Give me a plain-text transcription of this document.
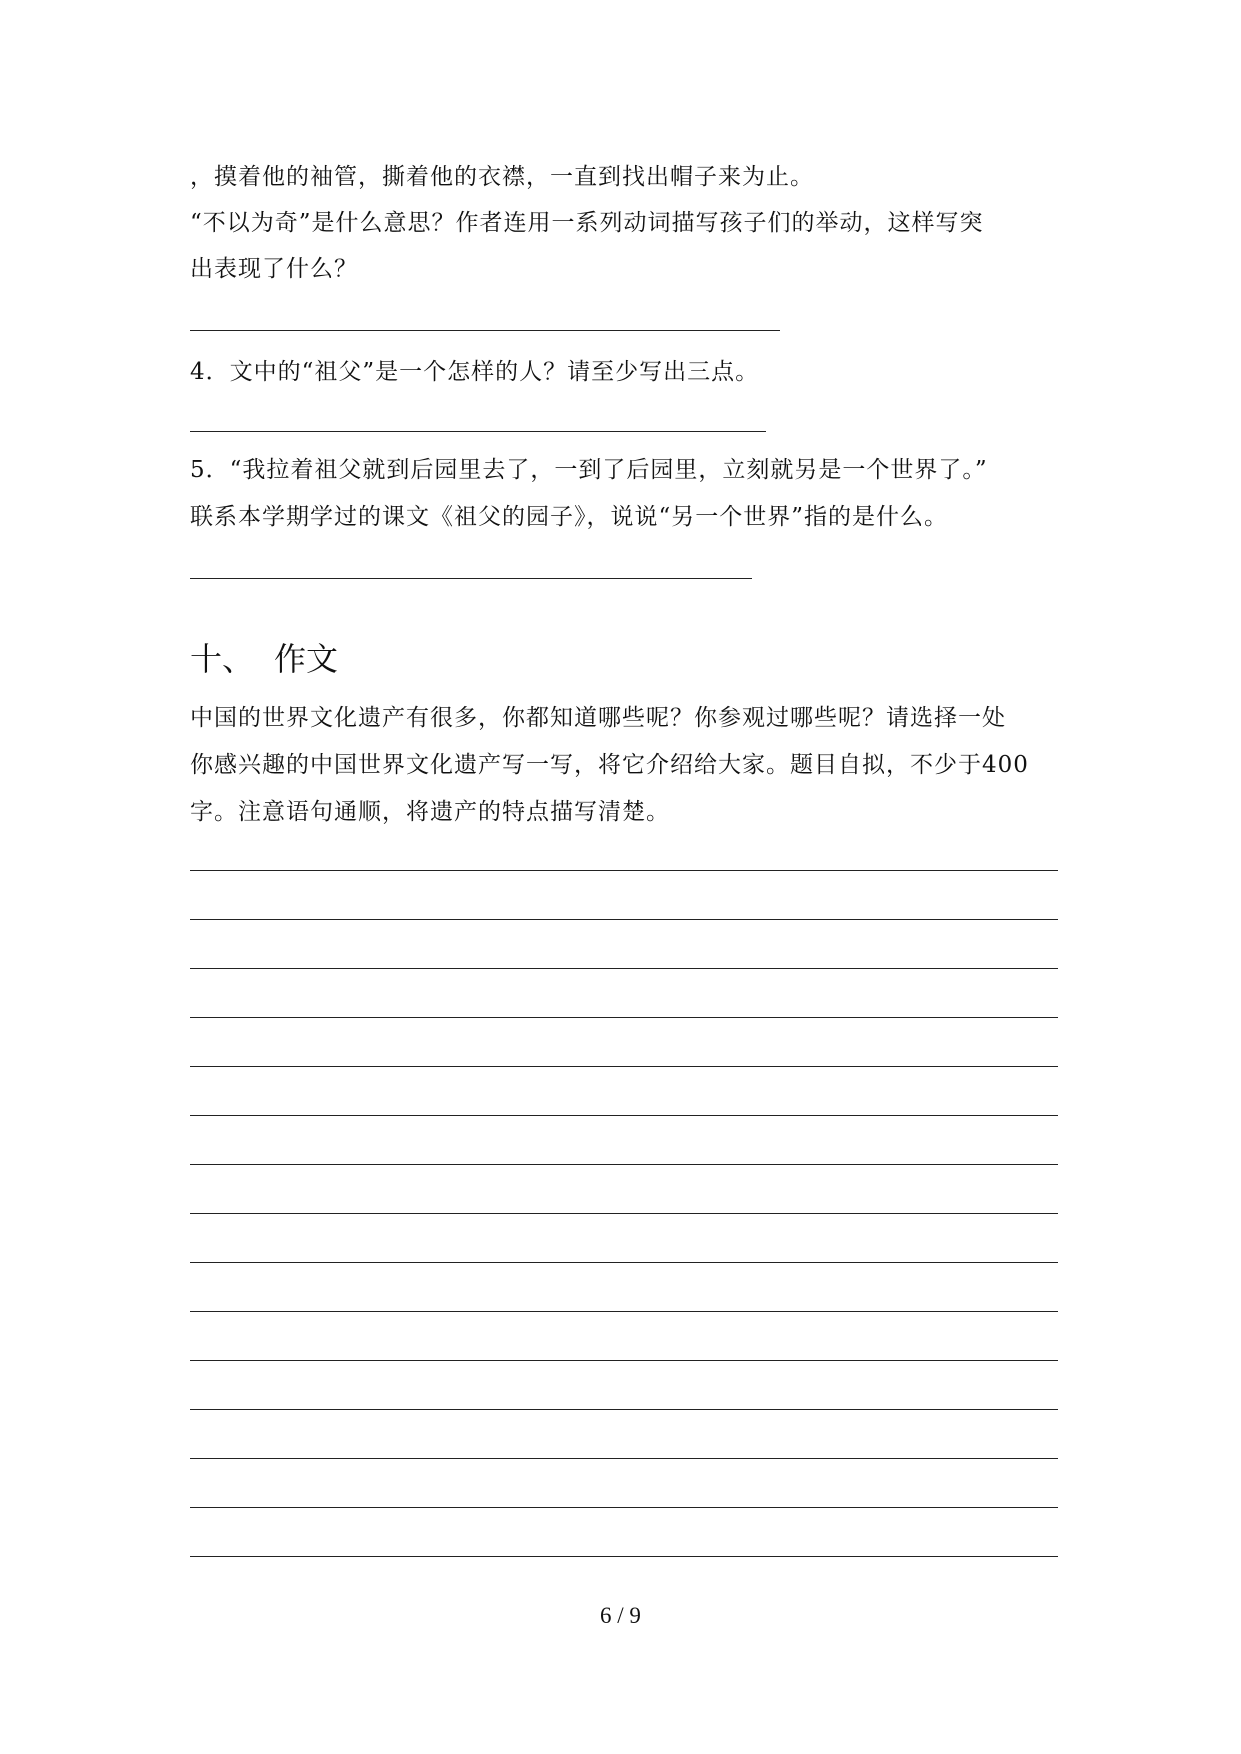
，摸着他的袖管，撕着他的衣襟，一直到找出帽子来为止。
“不以为奇”是什么意思？作者连用一系列动词描写孩子们的举动，这样写突
出表现了什么？
4．文中的“祖父”是一个怎样的人？请至少写出三点。
5．“我拉着祖父就到后园里去了，一到了后园里，立刻就另是一个世界了。”
联系本学期学过的课文《祖父的园子》，说说“另一个世界”指的是什么。
十、 作文
中国的世界文化遗产有很多，你都知道哪些呢？你参观过哪些呢？请选择一处
你感兴趣的中国世界文化遗产写一写，将它介绍给大家。题目自拟，不少于400
字。注意语句通顺，将遗产的特点描写清楚。
6 / 9
